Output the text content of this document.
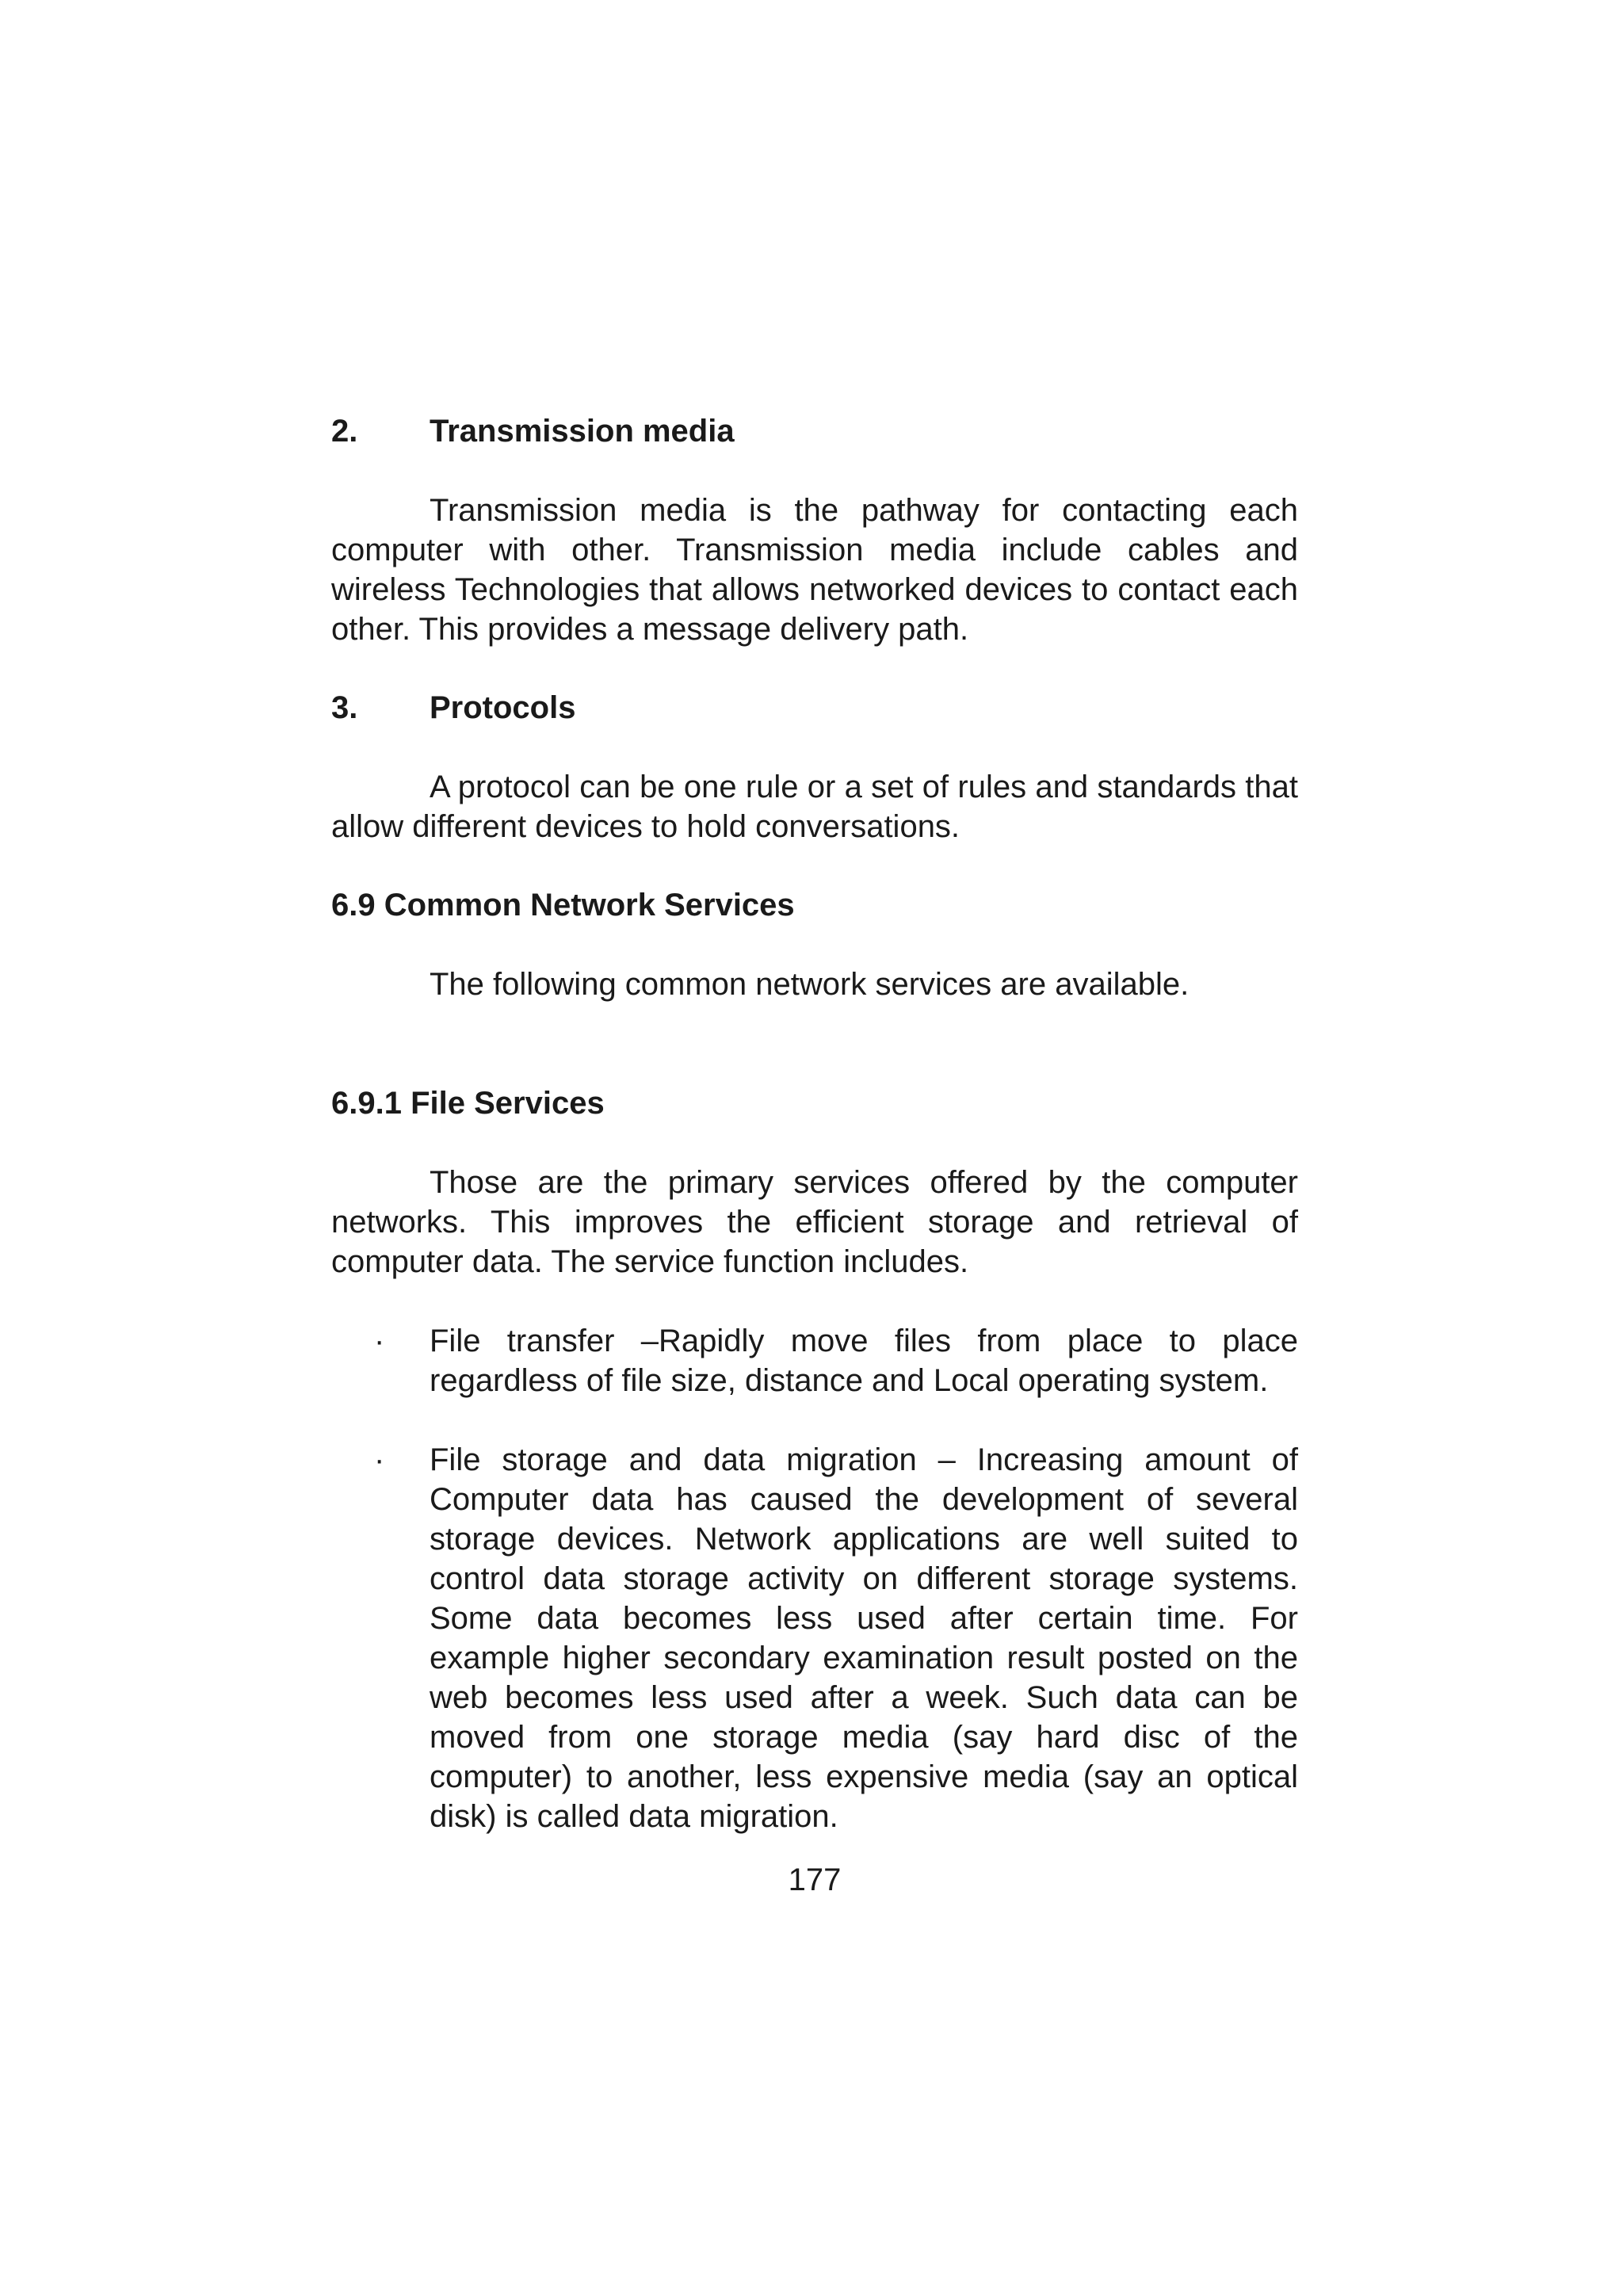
2.	Transmission media

Transmission media is the pathway for contacting each computer with other. Transmission media include cables and wireless Technologies that allows networked devices to contact each other. This provides a message delivery path.

3.	Protocols

A protocol can be one rule or a set of rules and standards that allow different devices to hold conversations.

6.9 Common Network Services

The following common network services are available.

6.9.1 File Services

Those are the primary services offered by the computer networks. This improves the efficient storage and retrieval of computer data. The service function includes.

·	File transfer –Rapidly move files from place to place regardless of file size, distance and Local operating system.
·	File storage and data migration – Increasing amount of Computer data has caused the development of several storage devices. Network applications are well suited to control data storage activity on different storage systems. Some data becomes less used after certain time. For example higher secondary examination result posted on the web becomes less used after a week. Such data can be moved from one storage media (say hard disc of the computer) to another, less expensive media (say an optical disk) is called data migration.
177
